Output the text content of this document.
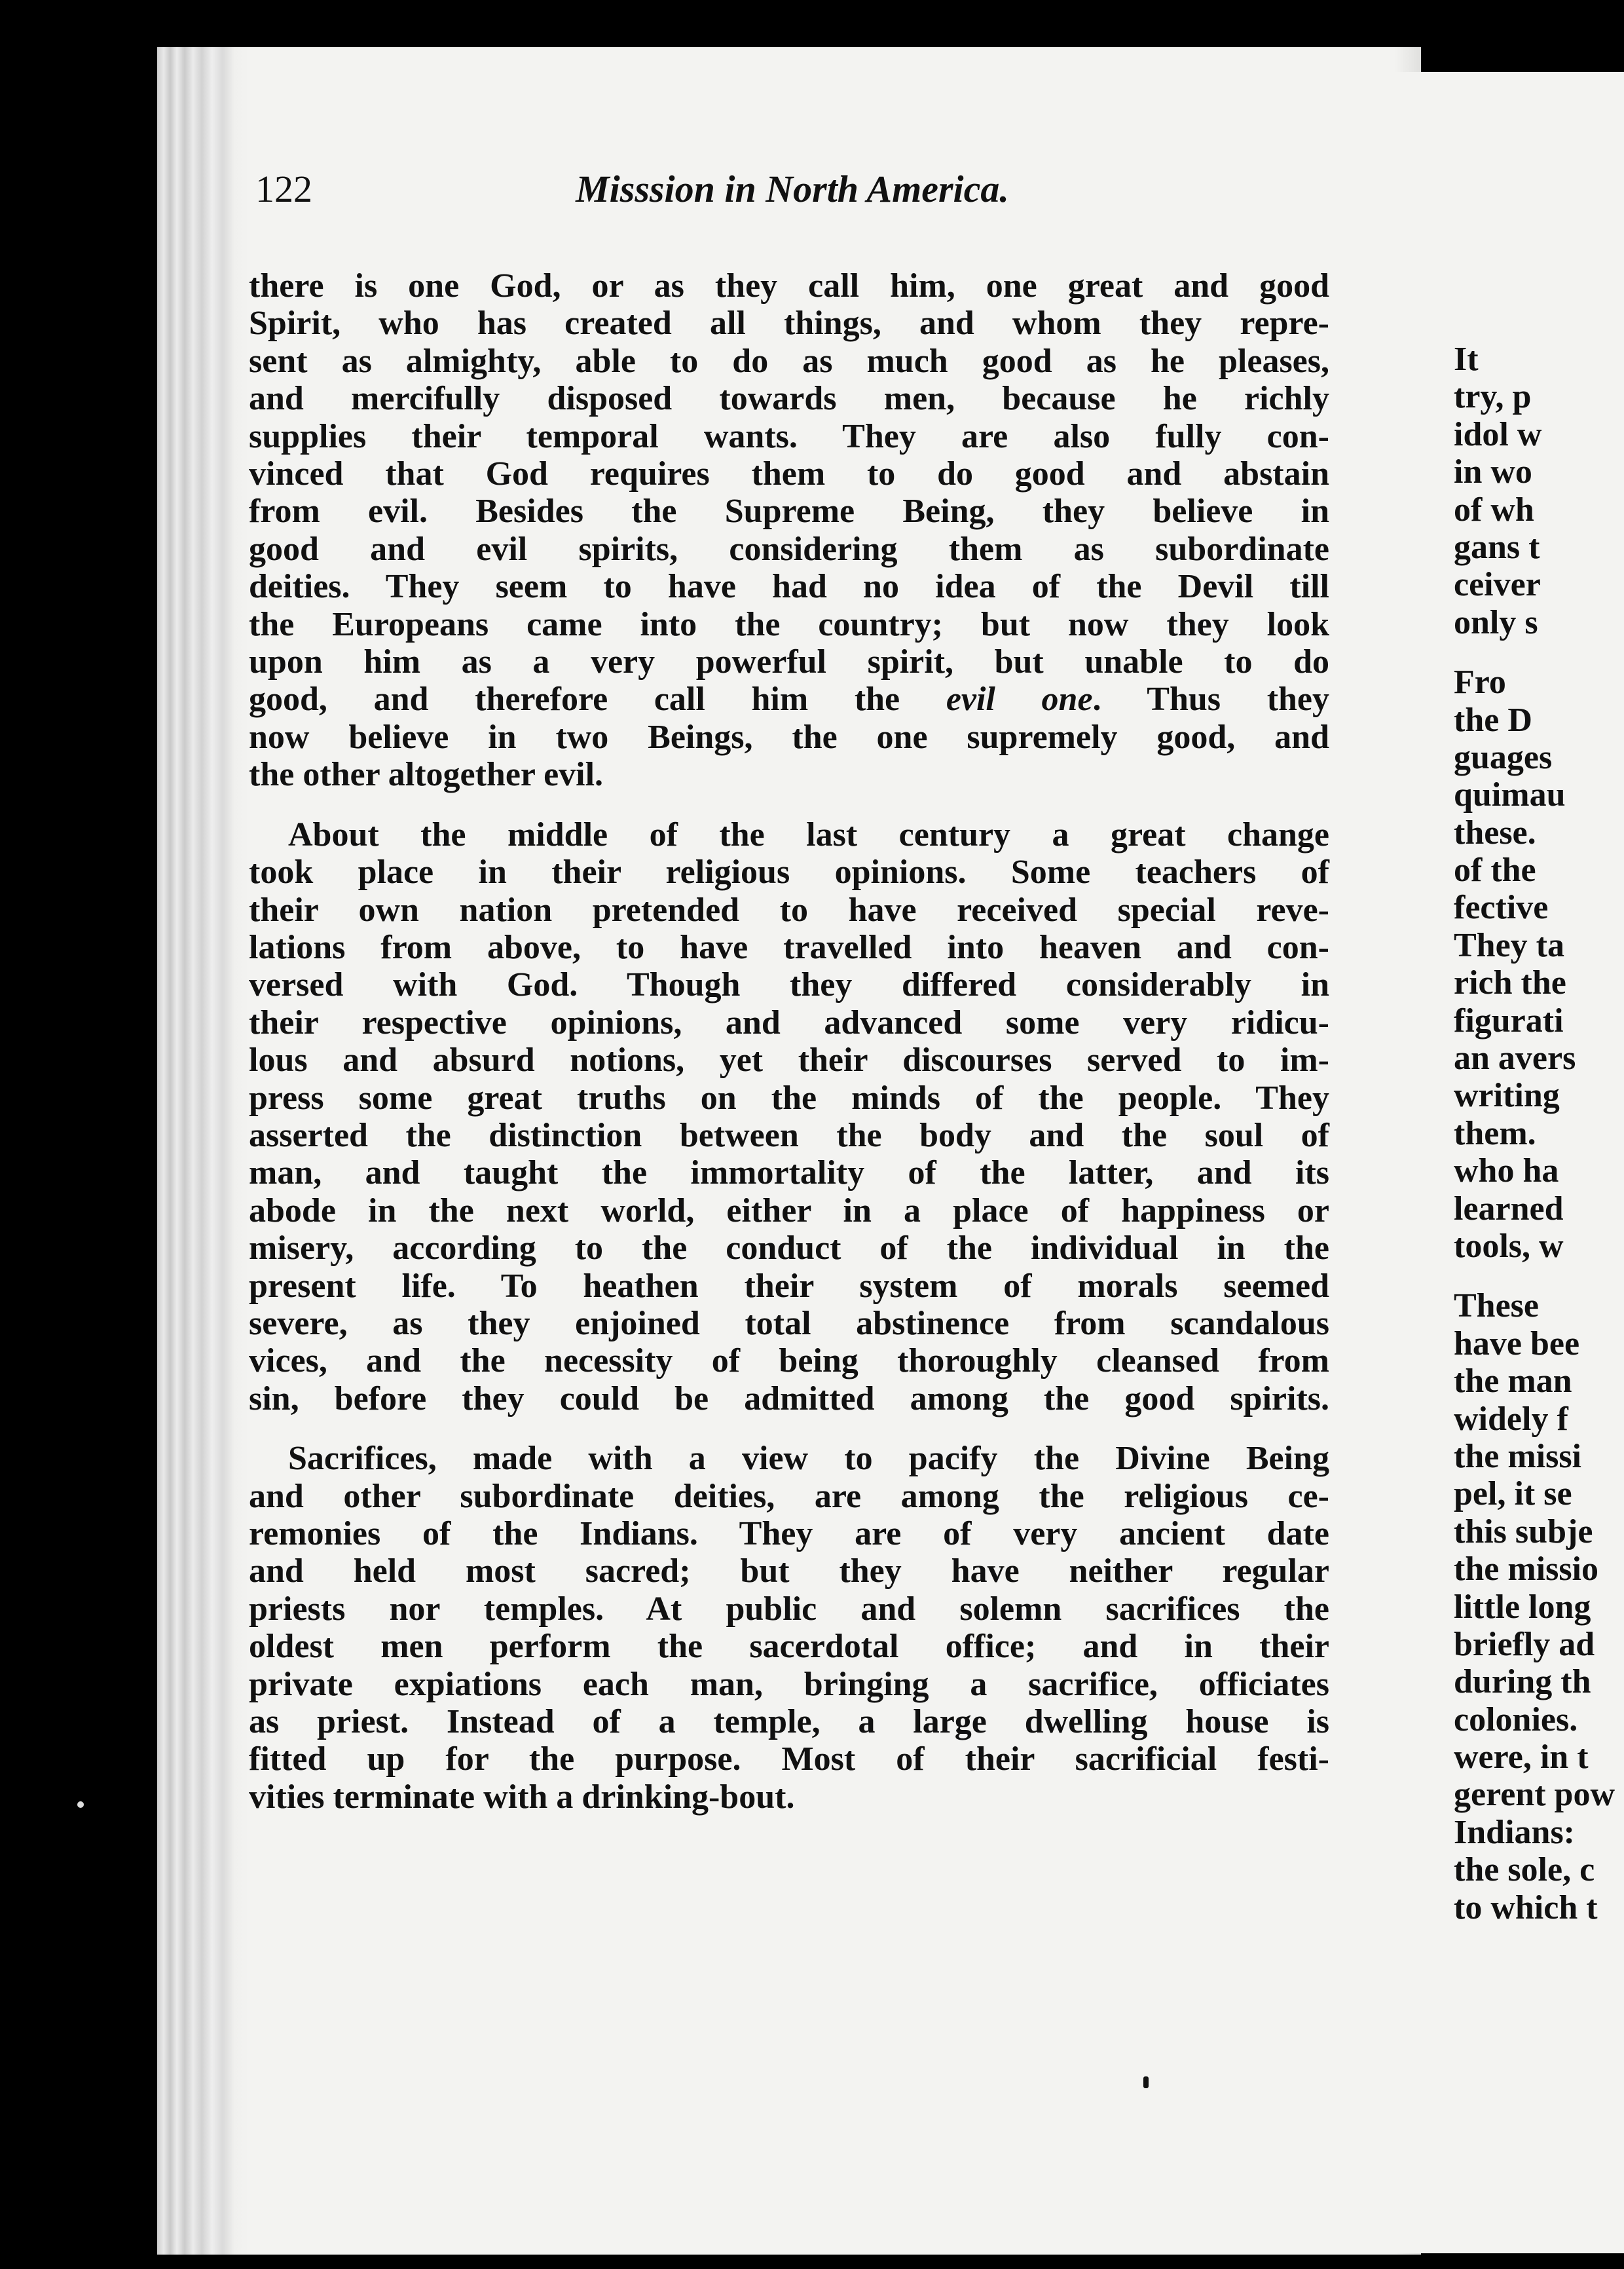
122	Misssion in North America.

there is one God, or as they call him, one great and good
Spirit, who has created all things, and whom they repre-
sent as almighty, able to do as much good as he pleases,
and mercifully disposed towards men, because he richly
supplies their temporal wants. They are also fully con-
vinced that God requires them to do good and abstain
from evil. Besides the Supreme Being, they believe in
good and evil spirits, considering them as subordinate
deities. They seem to have had no idea of the Devil till
the Europeans came into the country; but now they look
upon him as a very powerful spirit, but unable to do
good, and therefore call him the evil one. Thus they
now believe in two Beings, the one supremely good, and
the other altogether evil.

About the middle of the last century a great change
took place in their religious opinions. Some teachers of
their own nation pretended to have received special reve-
lations from above, to have travelled into heaven and con-
versed with God. Though they differed considerably in
their respective opinions, and advanced some very ridicu-
lous and absurd notions, yet their discourses served to im-
press some great truths on the minds of the people. They
asserted the distinction between the body and the soul of
man, and taught the immortality of the latter, and its
abode in the next world, either in a place of happiness or
misery, according to the conduct of the individual in the
present life. To heathen their system of morals seemed
severe, as they enjoined total abstinence from scandalous
vices, and the necessity of being thoroughly cleansed from
sin, before they could be admitted among the good spirits.

Sacrifices, made with a view to pacify the Divine Being
and other subordinate deities, are among the religious ce-
remonies of the Indians. They are of very ancient date
and held most sacred; but they have neither regular
priests nor temples. At public and solemn sacrifices the
oldest men perform the sacerdotal office; and in their
private expiations each man, bringing a sacrifice, officiates
as priest. Instead of a temple, a large dwelling house is
fitted up for the purpose. Most of their sacrificial festi-
vities terminate with a drinking-bout.

It
try, p
idol w
in wo
of wh
gans t
ceiver
only s
Fro
the D
guages
quimau
these.
of the
fective
They ta
rich the
figurati
an avers
writing
them.
who ha
learned
tools, w
These
have bee
the man
widely f
the missi
pel, it se
this subje
the missio
little long
briefly ad
during th
colonies.
were, in t
gerent pow
Indians:
the sole, c
to which t
